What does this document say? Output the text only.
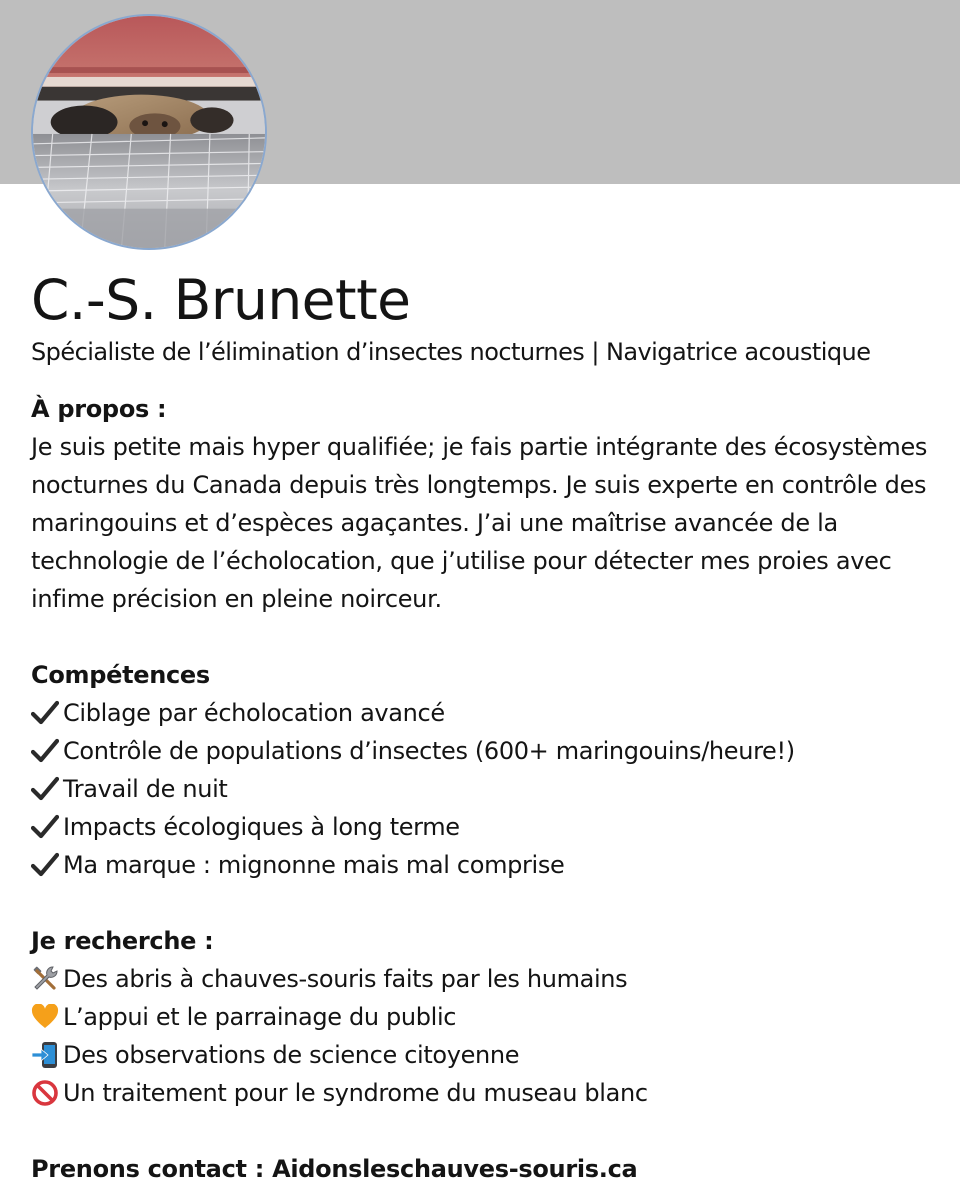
C.-S. Brunette

Spécialiste de l’élimination d’insectes nocturnes | Navigatrice acoustique

À propos :

Je suis petite mais hyper qualifiée; je fais partie intégrante des écosystèmes nocturnes du Canada depuis très longtemps. Je suis experte en contrôle des maringouins et d’espèces agaçantes. J’ai une maîtrise avancée de la technologie de l’écholocation, que j’utilise pour détecter mes proies avec infime précision en pleine noirceur.

Compétences
Ciblage par écholocation avancé
Contrôle de populations d’insectes (600+ maringouins/heure!)
Travail de nuit
Impacts écologiques à long terme
Ma marque : mignonne mais mal comprise
Je recherche :
Des abris à chauves-souris faits par les humains
L’appui et le parrainage du public
Des observations de science citoyenne
Un traitement pour le syndrome du museau blanc

Prenons contact : Aidonsleschauves-souris.ca
